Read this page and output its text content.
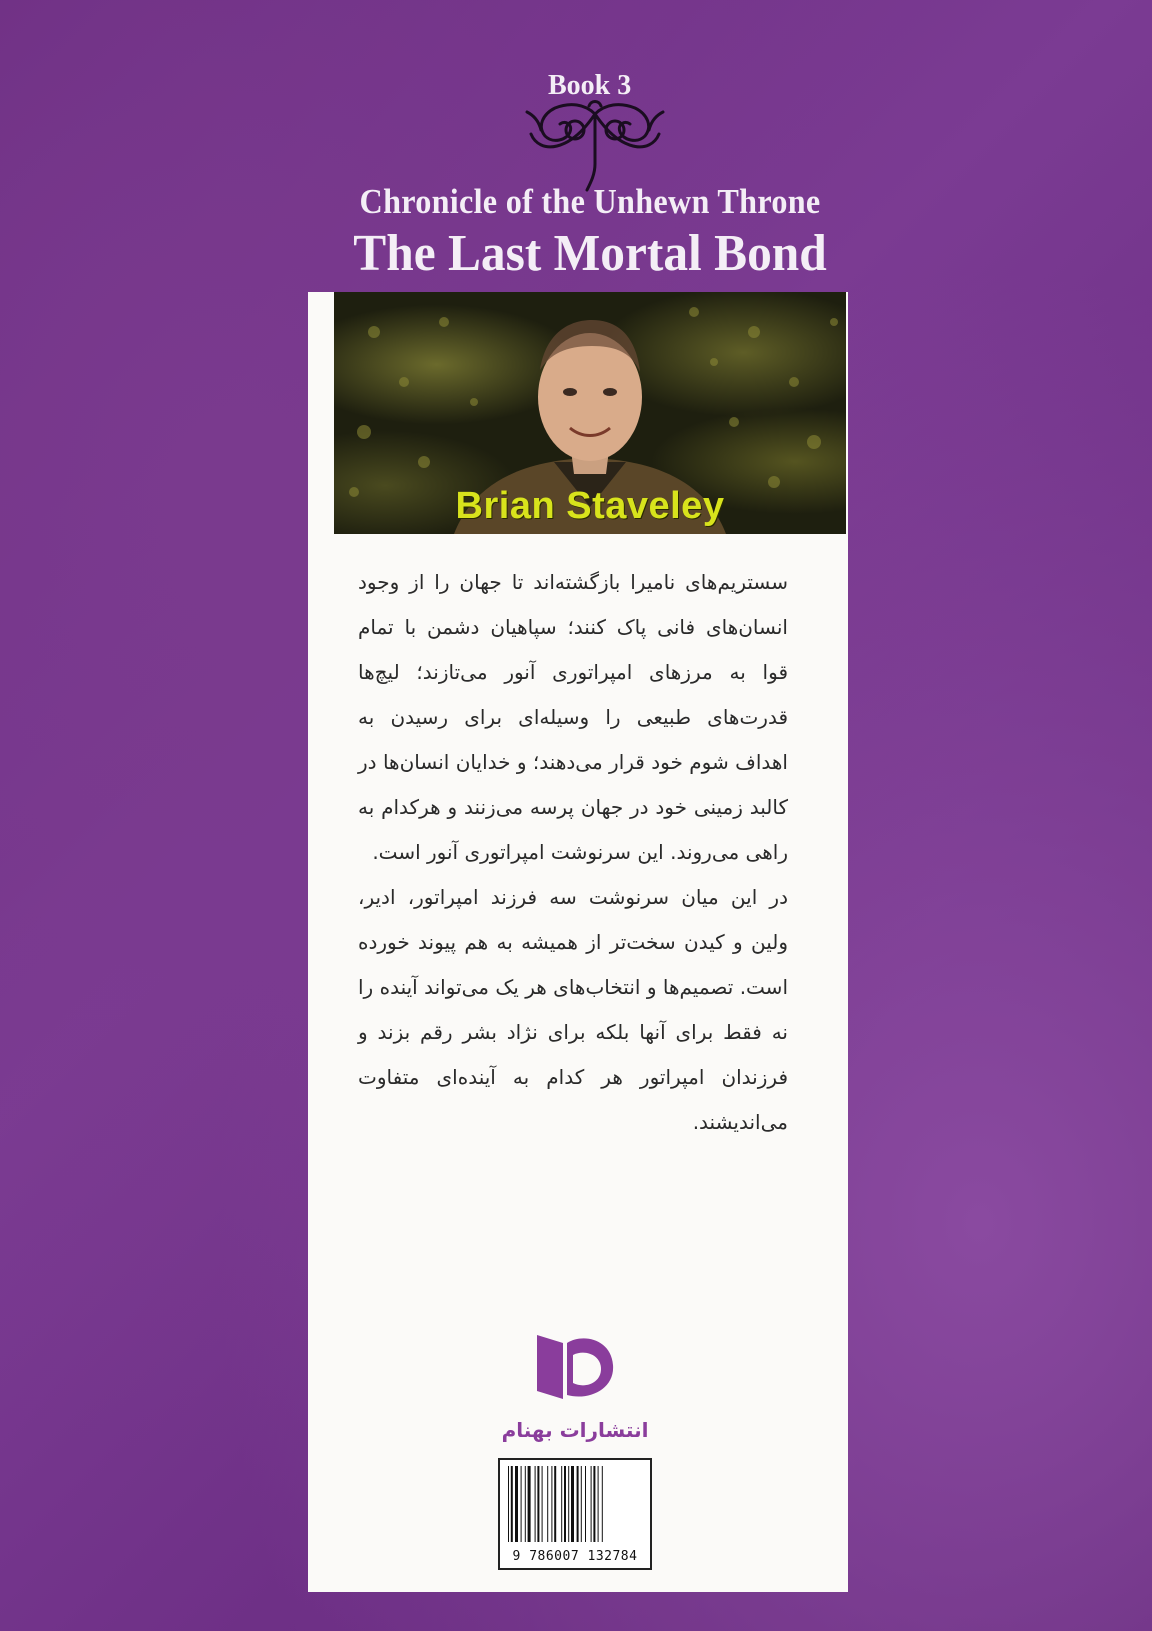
Book 3
Chronicle of the Unhewn Throne
The Last Mortal Bond
Brian Staveley

سستریم‌های نامیرا بازگشته‌اند تا جهان را از وجود انسان‌های فانی پاک کنند؛ سپاهیان دشمن با تمام قوا به مرزهای امپراتوری آنور می‌تازند؛ لیچ‌ها قدرت‌های طبیعی را وسیله‌ای برای رسیدن به اهداف شوم خود قرار می‌دهند؛ و خدایان انسان‌ها در کالبد زمینی خود در جهان پرسه می‌زنند و هرکدام به راهی می‌روند. این سرنوشت امپراتوری آنور است.

در این میان سرنوشت سه فرزند امپراتور، ادیر، ولین و کیدن سخت‌تر از همیشه به هم پیوند خورده است. تصمیم‌ها و انتخاب‌های هر یک می‌تواند آینده را نه فقط برای آنها بلکه برای نژاد بشر رقم بزند و فرزندان امپراتور هر کدام به آینده‌ای متفاوت می‌اندیشند.

انتشارات بهنام
9 786007 132784
